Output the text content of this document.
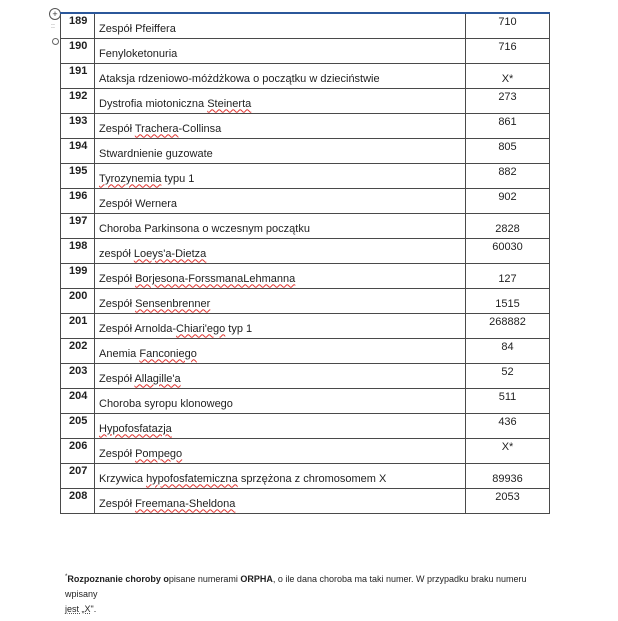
+
:: 189	Zespół Pfeiffera	710
190	Fenyloketonuria	716
191	Ataksja rdzeniowo-móżdżkowa o początku w dzieciństwie	X*
192	Dystrofia miotoniczna Steinerta	273
193	Zespół Trachera-Collinsa	861
194	Stwardnienie guzowate	805
195	Tyrozynemia typu 1	882
196	Zespół Wernera	902
197	Choroba Parkinsona o wczesnym początku	2828
198	zespół Loeys'a-Dietza	60030
199	Zespół Borjesona-ForssmanaLehmanna	127
200	Zespół Sensenbrenner	1515
201	Zespół Arnolda-Chiari'ego typ 1	268882
202	Anemia Fanconiego	84
203	Zespół Allagille'a	52
204	Choroba syropu klonowego	511
205	Hypofosfatazja	436
206	Zespół Pompego	X*
207	Krzywica hypofosfatemiczna sprzężona z chromosomem X	89936
208	Zespół Freemana-Sheldona	2053
*Rozpoznanie choroby opisane numerami ORPHA, o ile dana choroba ma taki numer. W przypadku braku numeru wpisany
jest „X".
